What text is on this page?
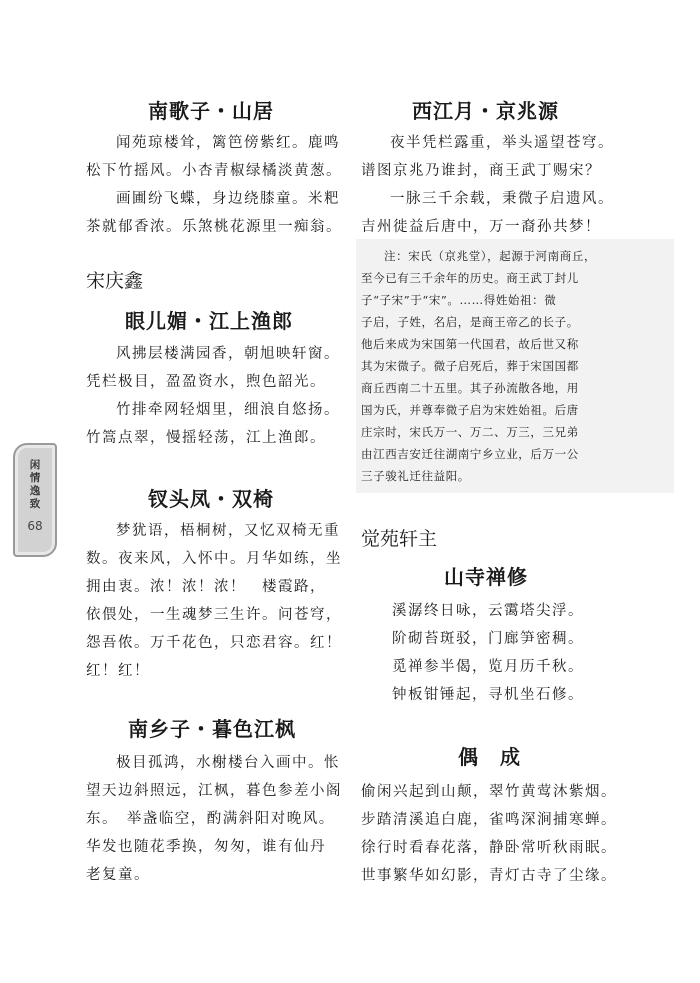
南歌子・山居
闻苑琼楼耸，篱笆傍紫红。鹿鸣
松下竹摇风。小杏青椒绿橘淡黄葱。
画圃纷飞蝶，身边绕膝童。米粑
茶就郁香浓。乐煞桃花源里一痴翁。
宋庆鑫
眼儿媚・江上渔郎
风拂层楼满园香，朝旭映轩窗。
凭栏极目，盈盈资水，煦色韶光。
竹排牵网轻烟里，细浪自悠扬。
竹篙点翠，慢摇轻荡，江上渔郎。
钗头凤・双椅
梦犹语，梧桐树，又忆双椅无重
数。夜来风，入怀中。月华如练，坐
拥由衷。浓！浓！浓！　楼霞路，
依偎处，一生魂梦三生许。问苍穹，
怨吾侬。万千花色，只恋君容。红！
红！红！
南乡子・暮色江枫
极目孤鸿，水榭楼台入画中。怅
望天边斜照远，江枫，暮色参差小阁
东。　举盏临空，酌满斜阳对晚风。
华发也随花季换，匆匆，谁有仙丹
老复童。
西江月・京兆源
夜半凭栏露重，举头遥望苍穹。
谱图京兆乃谁封，商王武丁赐宋？
一脉三千余载，秉微子启遗风。
吉州徙益后唐中，万一裔孙共梦！
注：宋氏（京兆堂），起源于河南商丘，
至今已有三千余年的历史。商王武丁封儿
子“子宋”于“宋”。……得姓始祖：微
子启，子姓，名启，是商王帝乙的长子。
他后来成为宋国第一代国君，故后世又称
其为宋微子。微子启死后，葬于宋国国都
商丘西南二十五里。其子孙流散各地，用
国为氏，并尊奉微子启为宋姓始祖。后唐
庄宗时，宋氏万一、万二、万三，三兄弟
由江西吉安迁往湖南宁乡立业，后万一公
三子骏礼迁往益阳。
觉苑轩主
山寺禅修
溪潺终日咏，云霭塔尖浮。
阶砌苔斑驳，门廊笋密稠。
觅禅参半偈，览月历千秋。
钟板钳锤起，寻机坐石修。
偶　成
偷闲兴起到山颠，翠竹黄莺沐紫烟。
步踏清溪追白鹿，雀鸣深涧捕寒蝉。
徐行时看春花落，静卧常听秋雨眠。
世事繁华如幻影，青灯古寺了尘缘。
闲
情
逸
致
68
